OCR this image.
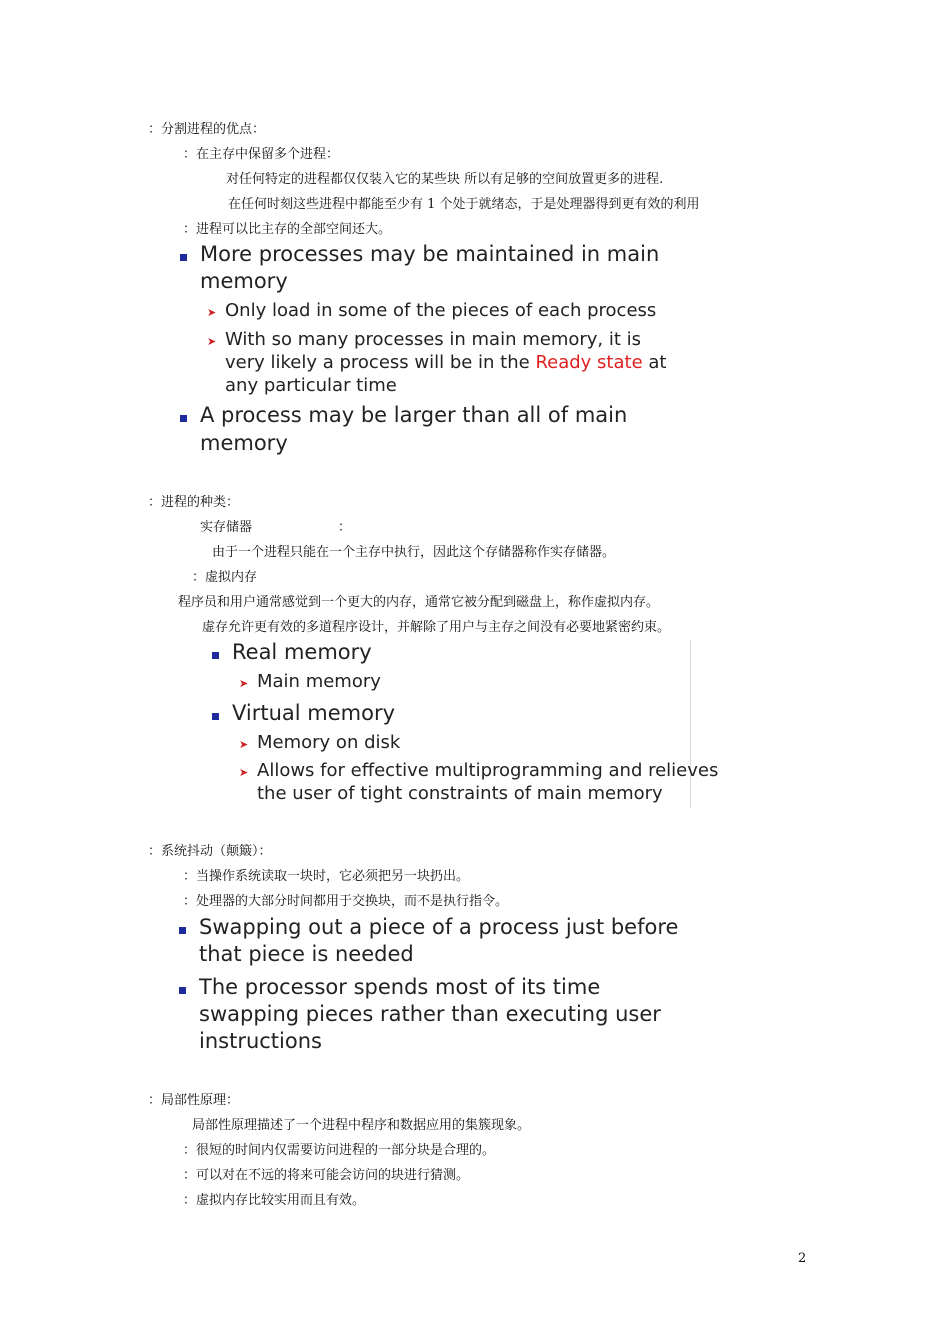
：分割进程的优点：
：在主存中保留多个进程：
对任何特定的进程都仅仅装入它的某些块 所以有足够的空间放置更多的进程.
在任何时刻这些进程中都能至少有 1 个处于就绪态，于是处理器得到更有效的利用
：进程可以比主存的全部空间还大。
More processes may be maintained in main
memory
➤ Only load in some of the pieces of each process
➤ With so many processes in main memory, it is
very likely a process will be in the Ready state at
any particular time
A process may be larger than all of main
memory
：进程的种类：
实存储器	：
由于一个进程只能在一个主存中执行，因此这个存储器称作实存储器。
：虚拟内存
程序员和用户通常感觉到一个更大的内存，通常它被分配到磁盘上，称作虚拟内存。
虚存允许更有效的多道程序设计，并解除了用户与主存之间没有必要地紧密约束。
Real memory
➤ Main memory
Virtual memory
➤ Memory on disk
➤ Allows for effective multiprogramming and relieves
the user of tight constraints of main memory
：系统抖动（颠簸）：
：当操作系统读取一块时，它必须把另一块扔出。
：处理器的大部分时间都用于交换块，而不是执行指令。
Swapping out a piece of a process just before
that piece is needed
The processor spends most of its time
swapping pieces rather than executing user
instructions
：局部性原理：
局部性原理描述了一个进程中程序和数据应用的集簇现象。
：很短的时间内仅需要访问进程的一部分块是合理的。
：可以对在不远的将来可能会访问的块进行猜测。
：虚拟内存比较实用而且有效。
2
